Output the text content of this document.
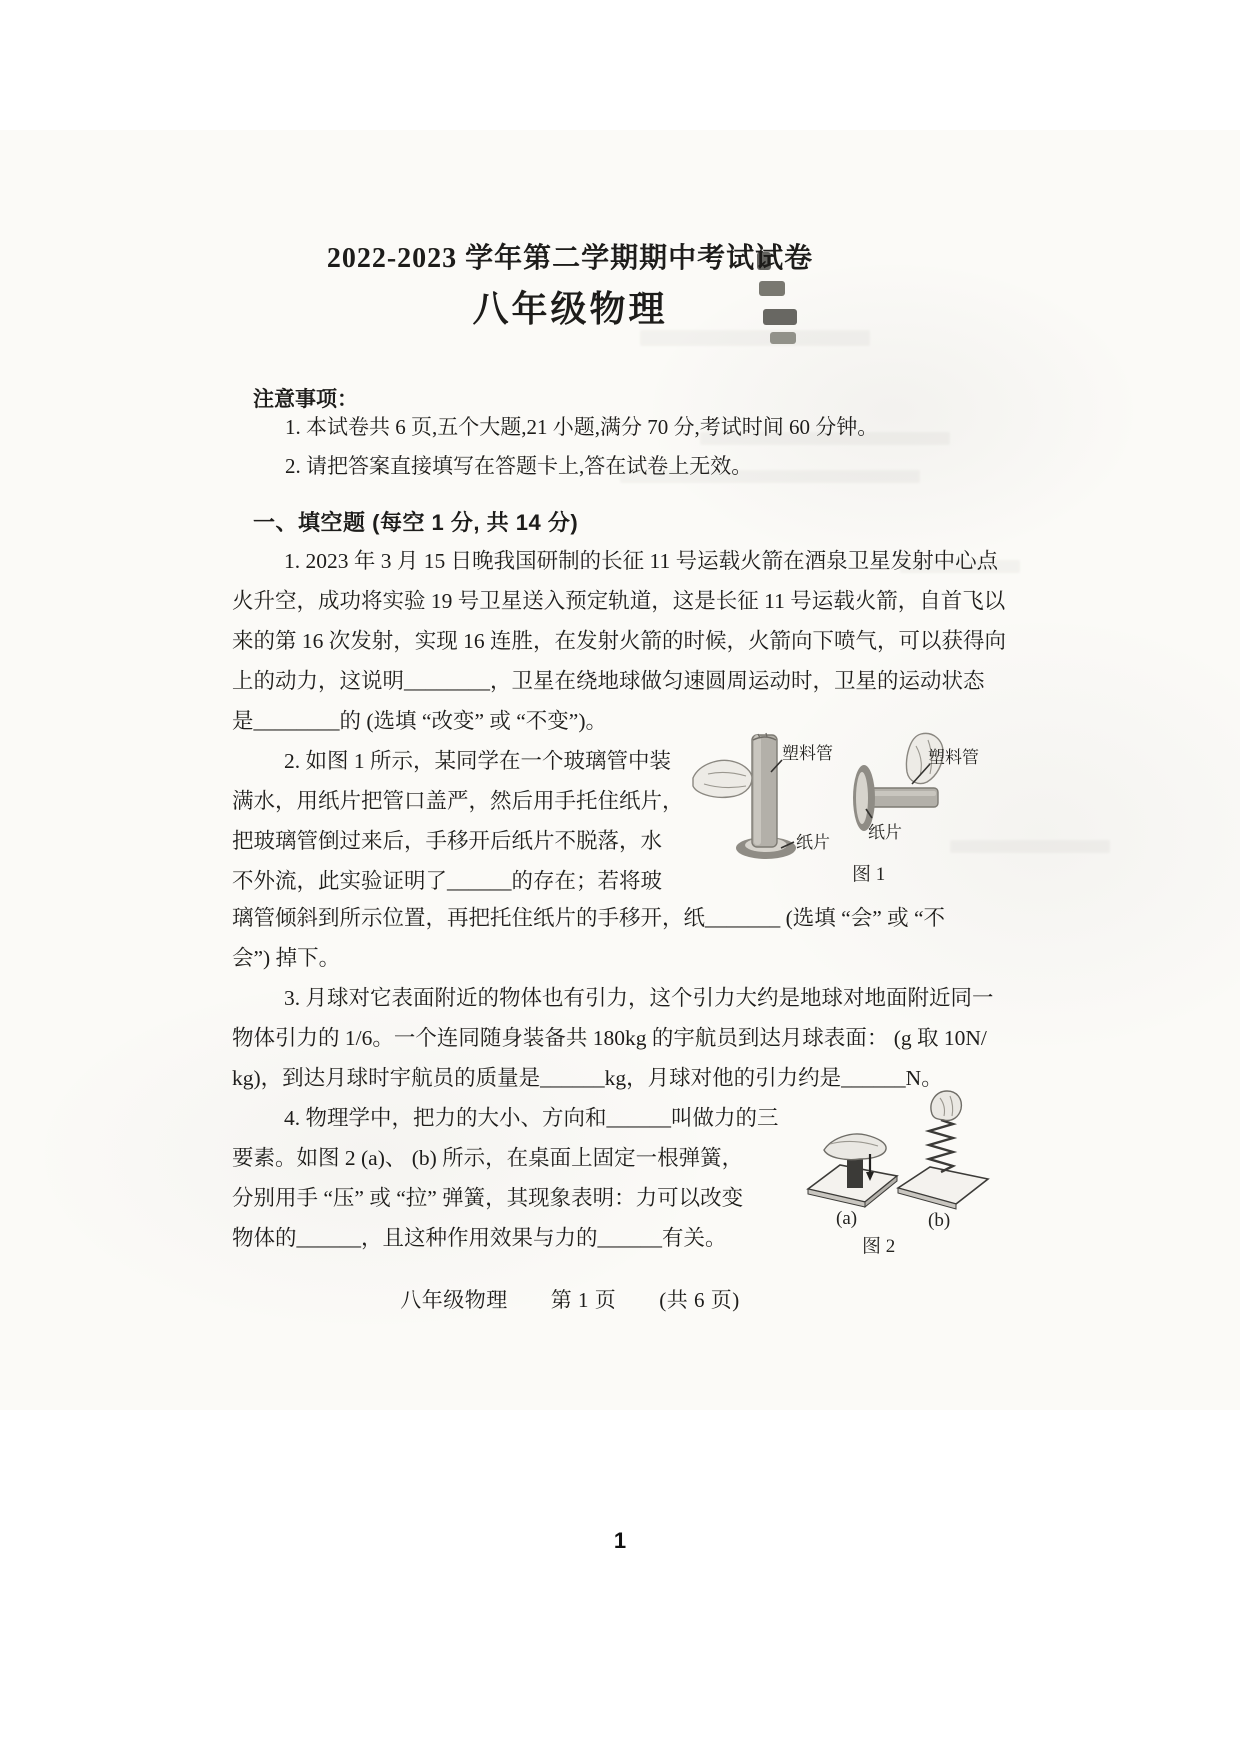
2022-2023 学年第二学期期中考试试卷
八年级物理
注意事项：
1. 本试卷共 6 页,五个大题,21 小题,满分 70 分,考试时间 60 分钟。
2. 请把答案直接填写在答题卡上,答在试卷上无效。
一、填空题 (每空 1 分, 共 14 分)
1. 2023 年 3 月 15 日晚我国研制的长征 11 号运载火箭在酒泉卫星发射中心点
火升空，成功将实验 19 号卫星送入预定轨道，这是长征 11 号运载火箭，自首飞以
来的第 16 次发射，实现 16 连胜，在发射火箭的时候，火箭向下喷气，可以获得向
上的动力，这说明________，卫星在绕地球做匀速圆周运动时，卫星的运动状态
是________的 (选填 “改变” 或 “不变”)。
2. 如图 1 所示，某同学在一个玻璃管中装
满水，用纸片把管口盖严，然后用手托住纸片，
把玻璃管倒过来后，手移开后纸片不脱落，水
不外流，此实验证明了______的存在；若将玻
璃管倾斜到所示位置，再把托住纸片的手移开，纸_______ (选填 “会” 或 “不
会”) 掉下。
塑料管
纸片
纸片
塑料管
图 1
3. 月球对它表面附近的物体也有引力，这个引力大约是地球对地面附近同一
物体引力的 1/6。一个连同随身装备共 180kg 的宇航员到达月球表面： (g 取 10N/
kg)，到达月球时宇航员的质量是______kg，月球对他的引力约是______N。
4. 物理学中，把力的大小、方向和______叫做力的三
要素。如图 2 (a)、 (b) 所示，在桌面上固定一根弹簧，
分别用手 “压” 或 “拉” 弹簧，其现象表明：力可以改变
物体的______，且这种作用效果与力的______有关。
(a)	(b)
图 2
八年级物理　　第 1 页　　(共 6 页)
1
